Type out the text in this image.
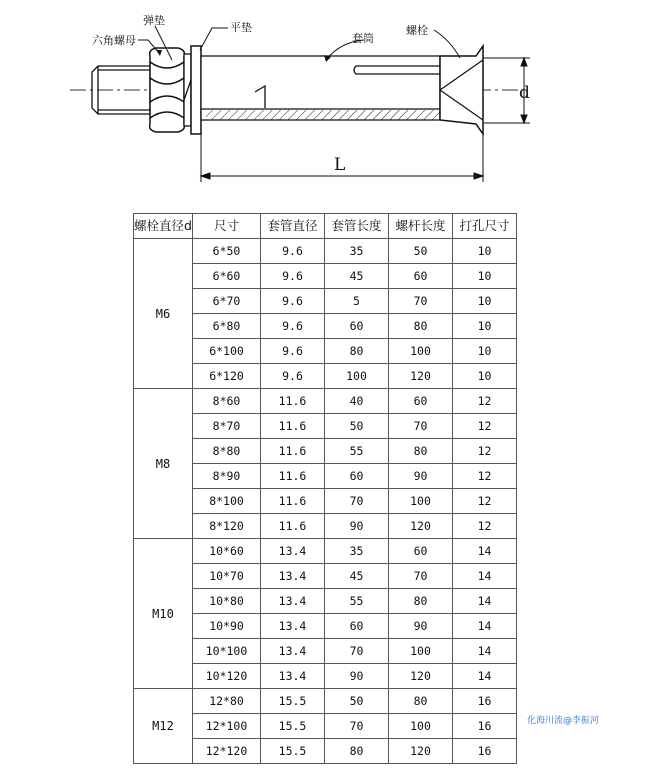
d
L
六角螺母
弹垫
平垫
套筒
螺栓
螺栓直径d	尺寸	套管直径	套管长度	螺杆长度	打孔尺寸
M6	6*50	9.6	35	50	10
	6*60	9.6	45	60	10
	6*70	9.6	5	70	10
	6*80	9.6	60	80	10
	6*100	9.6	80	100	10
	6*120	9.6	100	120	10
M8	8*60	11.6	40	60	12
	8*70	11.6	50	70	12
	8*80	11.6	55	80	12
	8*90	11.6	60	90	12
	8*100	11.6	70	100	12
	8*120	11.6	90	120	12
M10	10*60	13.4	35	60	14
	10*70	13.4	45	70	14
	10*80	13.4	55	80	14
	10*90	13.4	60	90	14
	10*100	13.4	70	100	14
	10*120	13.4	90	120	14
M12	12*80	15.5	50	80	16
	12*100	15.5	70	100	16
	12*120	15.5	80	120	16
化海川流@李振河
